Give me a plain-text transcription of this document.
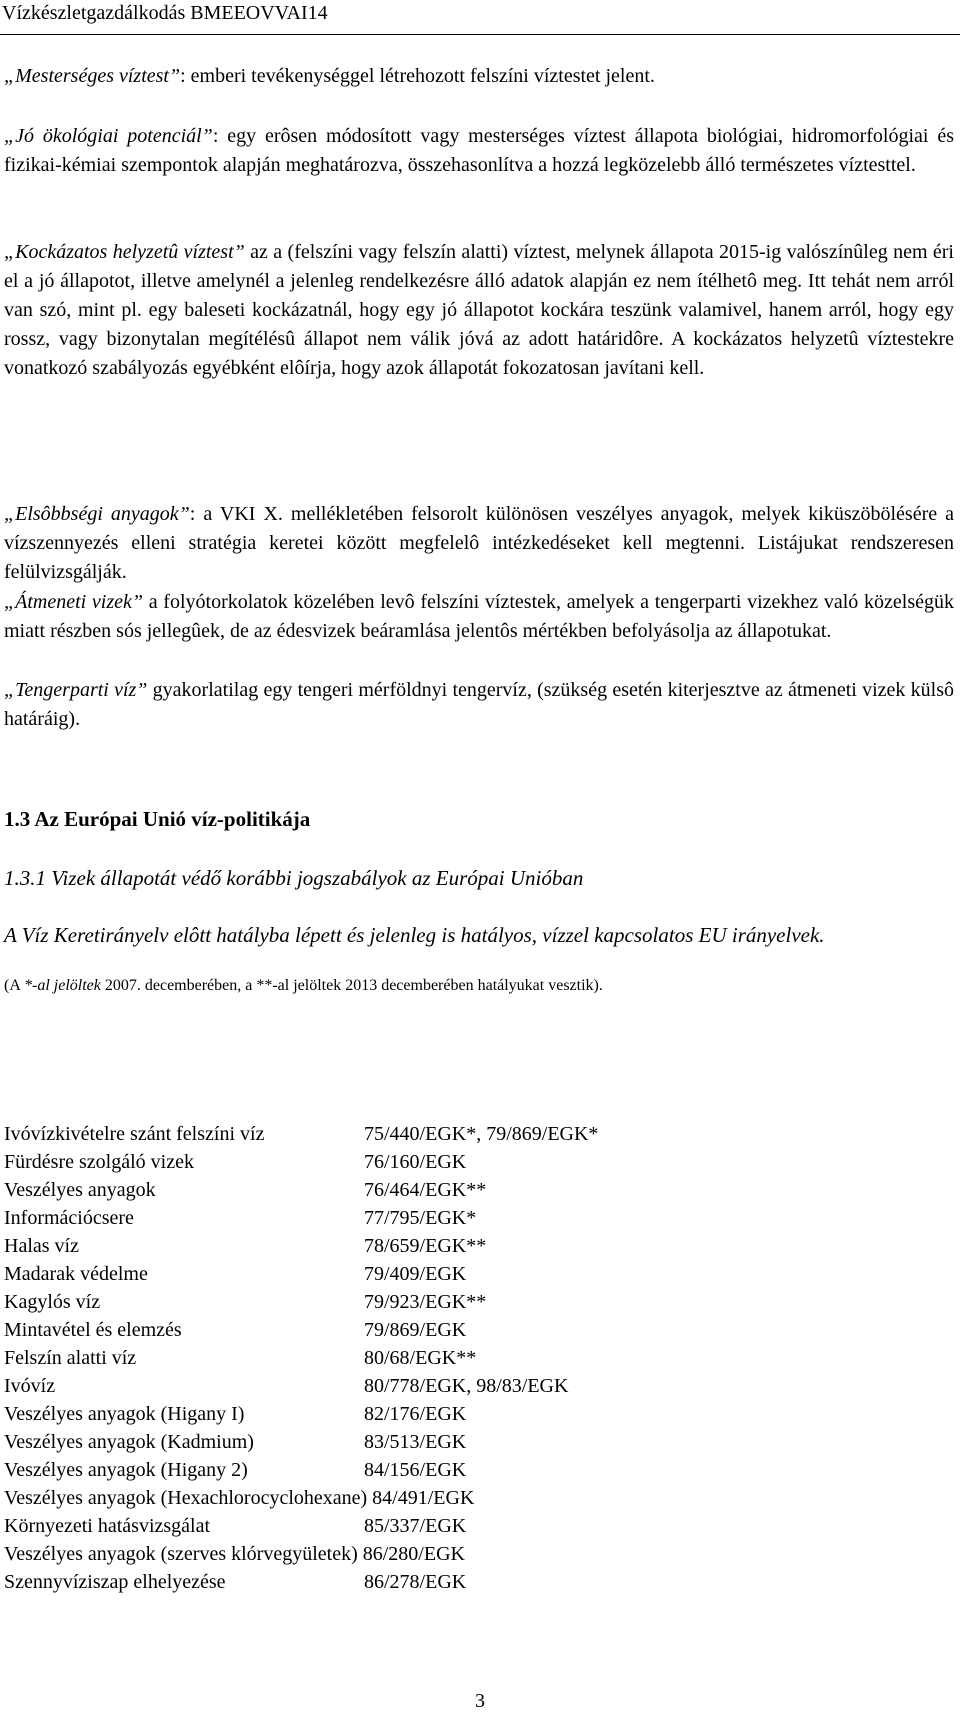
Vízkészletgazdálkodás BMEEOVVAI14
„Mesterséges víztest”: emberi tevékenységgel létrehozott felszíni víztestet jelent.
„Jó ökológiai potenciál”: egy erôsen módosított vagy mesterséges víztest állapota biológiai, hidromorfológiai és fizikai-kémiai szempontok alapján meghatározva, összehasonlítva a hozzá legközelebb álló természetes víztesttel.
„Kockázatos helyzetû víztest” az a (felszíni vagy felszín alatti) víztest, melynek állapota 2015-ig valószínûleg nem éri el a jó állapotot, illetve amelynél a jelenleg rendelkezésre álló adatok alapján ez nem ítélhetô meg. Itt tehát nem arról van szó, mint pl. egy baleseti kockázatnál, hogy egy jó állapotot kockára teszünk valamivel, hanem arról, hogy egy rossz, vagy bizonytalan megítélésû állapot nem válik jóvá az adott határidôre. A kockázatos helyzetû víztestekre vonatkozó szabályozás egyébként elôírja, hogy azok állapotát fokozatosan javítani kell.
„Elsôbbségi anyagok”: a VKI X. mellékletében felsorolt különösen veszélyes anyagok, melyek kiküszöbölésére a vízszennyezés elleni stratégia keretei között megfelelô intézkedéseket kell megtenni. Listájukat rendszeresen felülvizsgálják.
„Átmeneti vizek” a folyótorkolatok közelében levô felszíni víztestek, amelyek a tengerparti vizekhez való közelségük miatt részben sós jellegûek, de az édesvizek beáramlása jelentôs mértékben befolyásolja az állapotukat.
„Tengerparti víz” gyakorlatilag egy tengeri mérföldnyi tengervíz, (szükség esetén kiterjesztve az átmeneti vizek külsô határáig).
1.3 Az Európai Unió víz-politikája
1.3.1 Vizek állapotát védő korábbi jogszabályok az Európai Unióban
A Víz Keretirányelv elôtt hatályba lépett és jelenleg is hatályos, vízzel kapcsolatos EU irányelvek.
(A *-al jelöltek 2007. decemberében, a **-al jelöltek 2013 decemberében hatályukat vesztik).
Ivóvízkivételre szánt felszíni víz	75/440/EGK*, 79/869/EGK*
Fürdésre szolgáló vizek	76/160/EGK
Veszélyes anyagok	76/464/EGK**
Információcsere	77/795/EGK*
Halas víz	78/659/EGK**
Madarak védelme	79/409/EGK
Kagylós víz	79/923/EGK**
Mintavétel és elemzés	79/869/EGK
Felszín alatti víz	80/68/EGK**
Ivóvíz	80/778/EGK, 98/83/EGK
Veszélyes anyagok (Higany I)	82/176/EGK
Veszélyes anyagok (Kadmium)	83/513/EGK
Veszélyes anyagok (Higany 2)	84/156/EGK
Veszélyes anyagok (Hexachlorocyclohexane) 84/491/EGK
Környezeti hatásvizsgálat	85/337/EGK
Veszélyes anyagok (szerves klórvegyületek) 86/280/EGK
Szennyvíziszap elhelyezése	86/278/EGK
3
